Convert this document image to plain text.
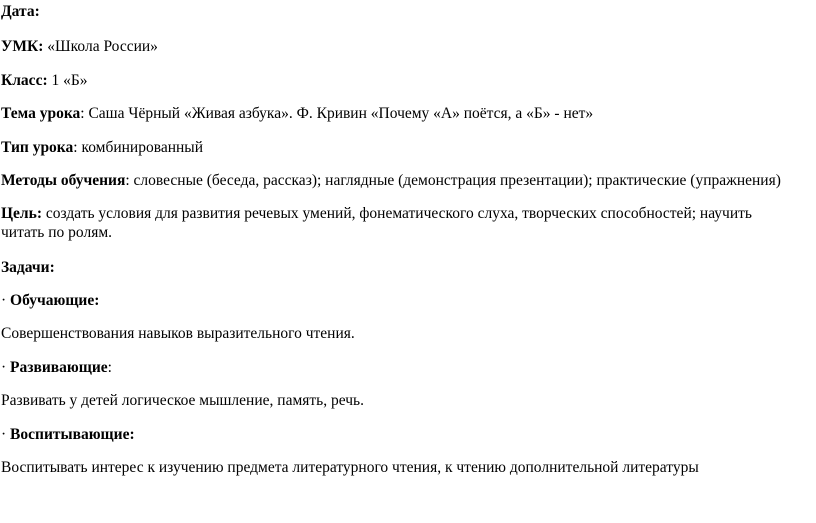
Дата:
УМК: «Школа России»
Класс: 1 «Б»
Тема урока: Саша Чёрный «Живая азбука». Ф. Кривин «Почему «А» поётся, а «Б» - нет»
Тип урока: комбинированный
Методы обучения: словесные (беседа, рассказ); наглядные (демонстрация презентации); практические (упражнения)
Цель: создать условия для развития речевых умений, фонематического слуха, творческих способностей; научить читать по ролям.
Задачи:
· Обучающие:
Совершенствования навыков выразительного чтения.
· Развивающие:
Развивать у детей логическое мышление, память, речь.
· Воспитывающие:
Воспитывать интерес к изучению предмета литературного чтения, к чтению дополнительной литературы
